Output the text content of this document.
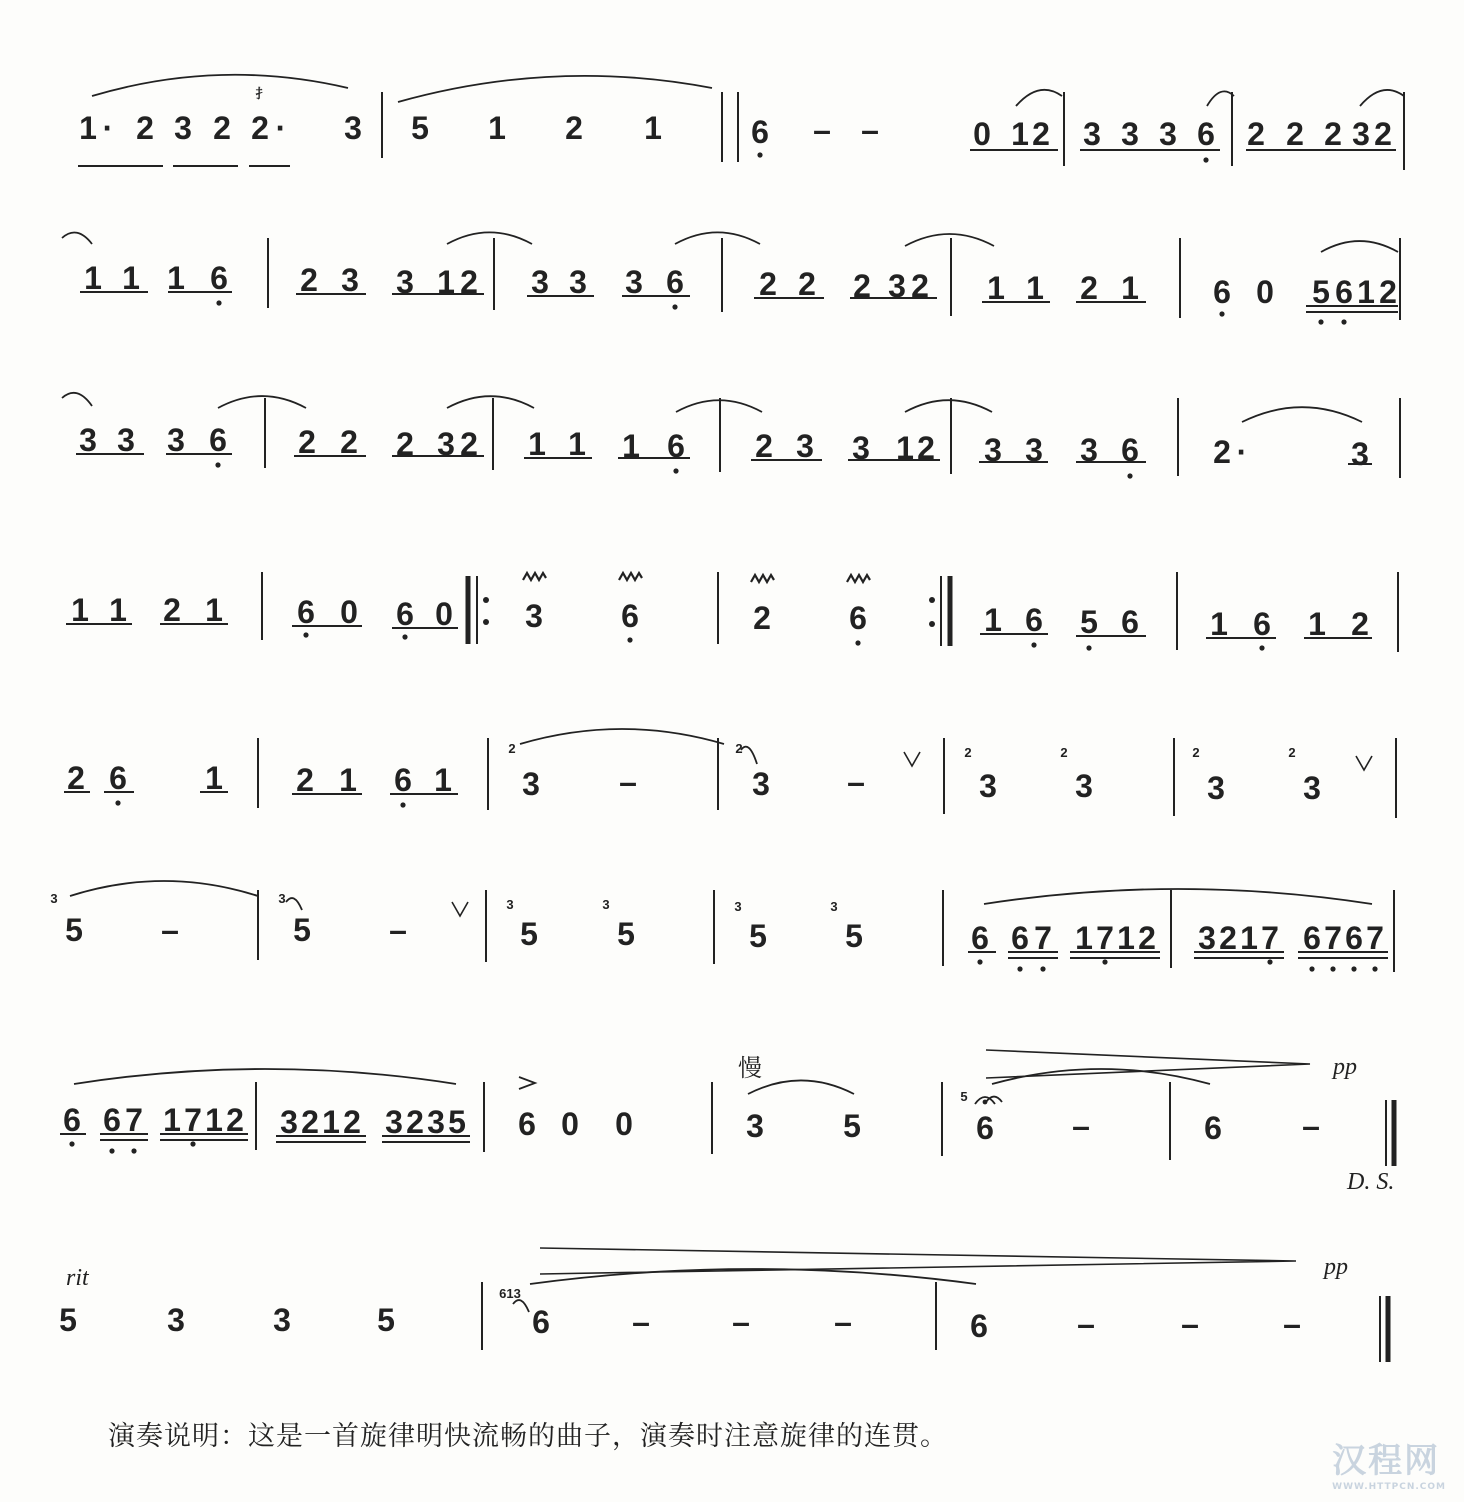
1 · 2 3 2 2 · 3
扌
5 1 2 1	6 – –	0 1 2 3 3 3 6 2 2 2 3 2
1 1 1 6 2 3 3 1 2 3 3 3 6 2 2 2 3 2 1 1 2 1 6 0 5 6 1 2
3 3 3 6 2 2 2 3 2 1 1 1 6 2 3 3 1 2 3 3 3 6 2 ·	3
1 1 2 1 6 0 6 0 3 6	2 6	1 6 5 6 1 6 1 2
2 6 1 2 1 6 1 3 –	3 –	3 3	3 3
2	2	2	2	2	2
5 –	5 –	5 5	5 5	6 6 7 1 7 1 2 3 2 1 7 6 7 6 7
3	3	3	3	3	3
6 6 7 1 7 1 2 3 2 1 2 3 2 3 5 6 0 0	3 5	6 –	6	–
5
5	3	3	5	6	–	–	–	6	–	–	–
613
pp
D. S.
rit	pp
慢
演奏说明：这是一首旋律明快流畅的曲子，演奏时注意旋律的连贯。
汉程网
WWW.HTTPCN.COM
